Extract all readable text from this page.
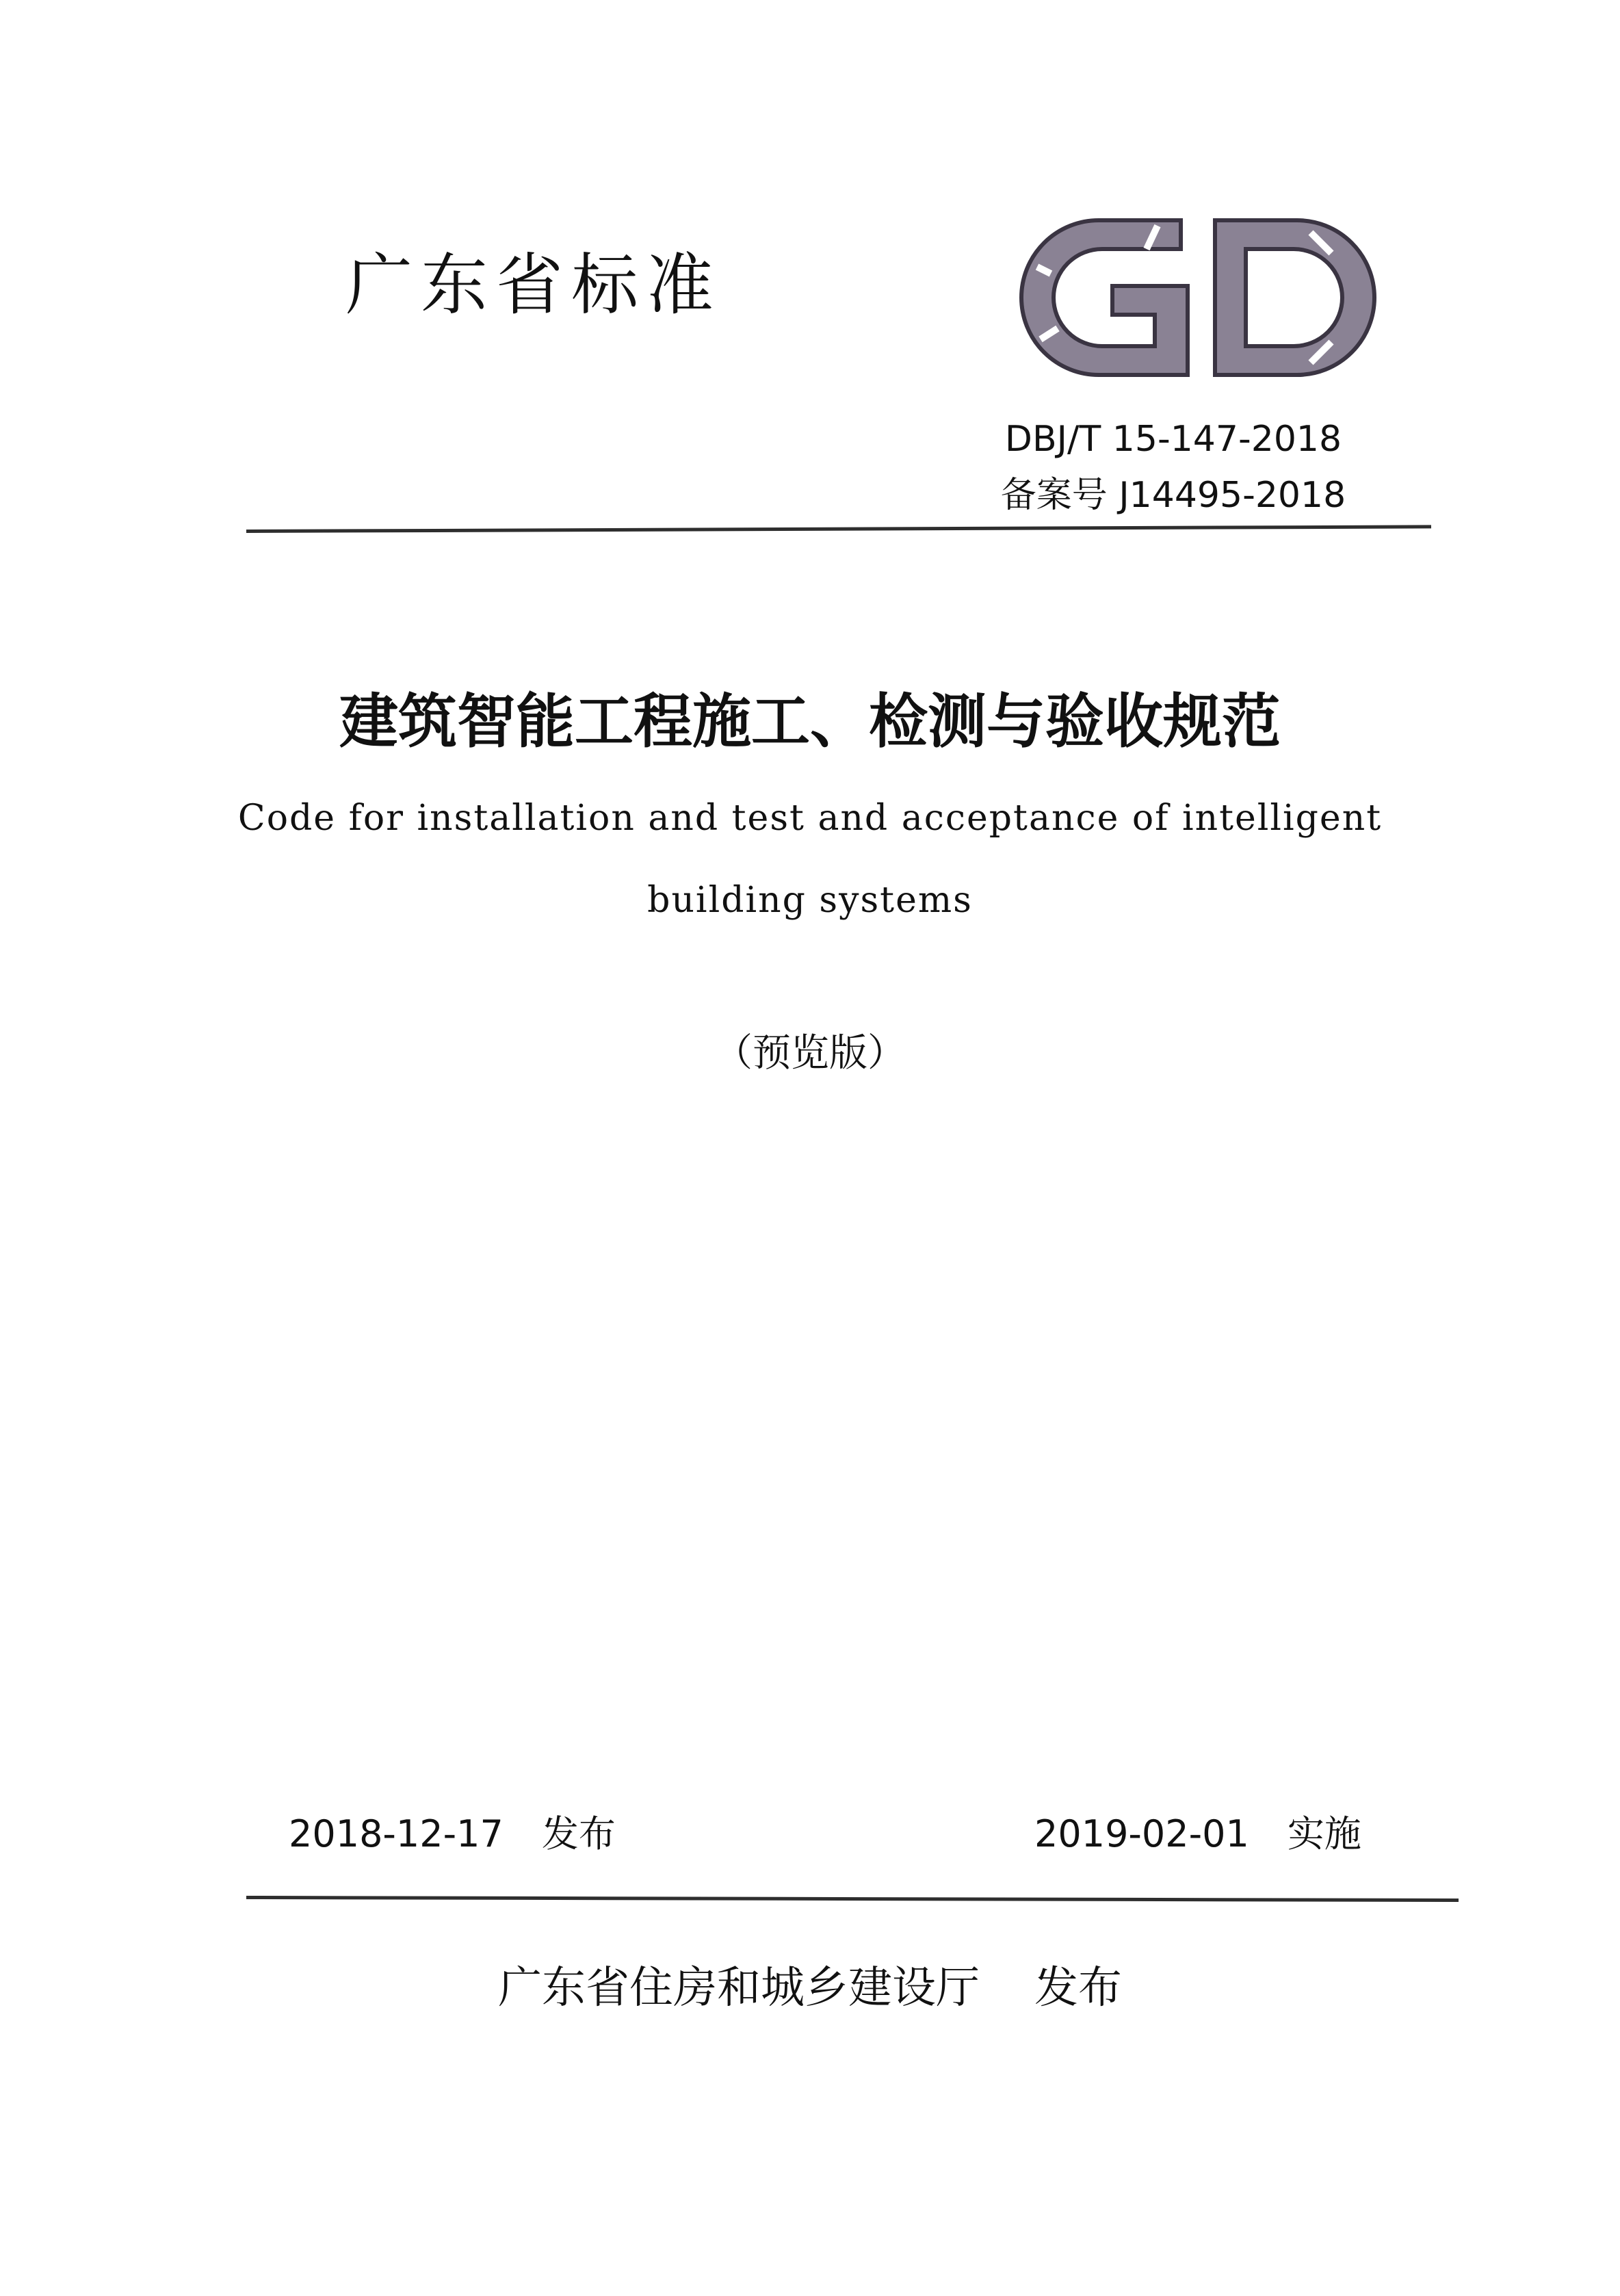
广东省标准
DBJ/T 15-147-2018
备案号 J14495-2018
建筑智能工程施工、检测与验收规范
Code for installation and test and acceptance of intelligent
building systems
（预览版）
2018-12-17 发布	2019-02-01 实施
广东省住房和城乡建设厅 发布
